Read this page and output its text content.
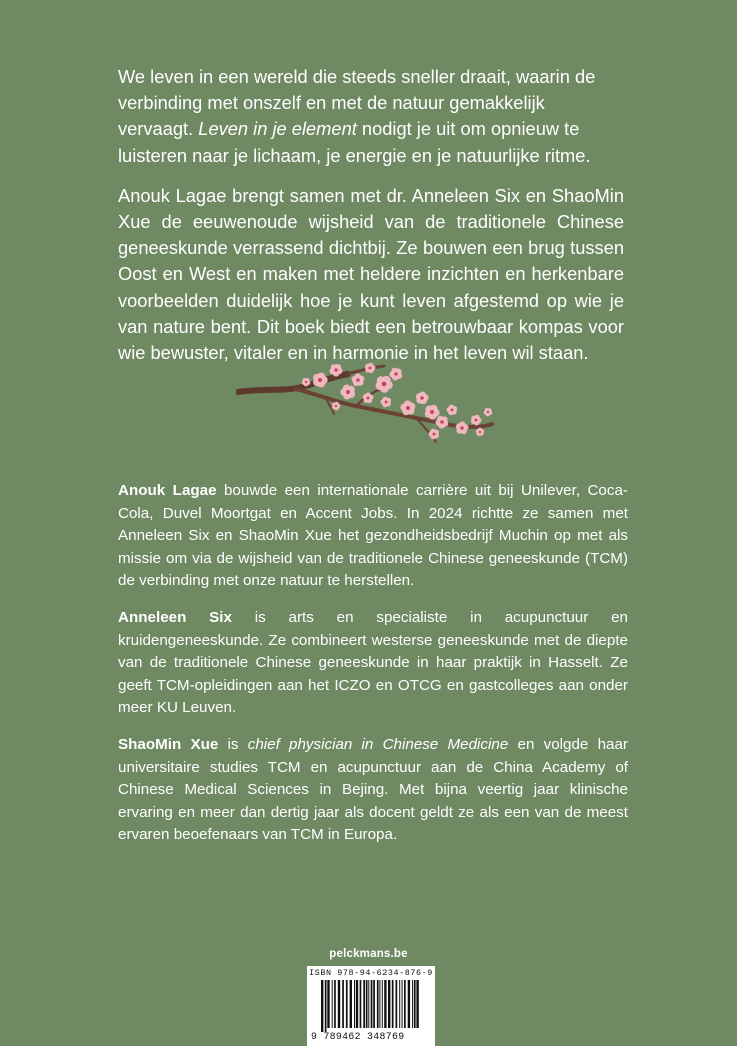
We leven in een wereld die steeds sneller draait, waarin de verbinding met onszelf en met de natuur gemakkelijk vervaagt. Leven in je element nodigt je uit om opnieuw te luisteren naar je lichaam, je energie en je natuurlijke ritme.

Anouk Lagae brengt samen met dr. Anneleen Six en ShaoMin Xue de eeuwenoude wijsheid van de traditionele Chinese geneeskunde verrassend dichtbij. Ze bouwen een brug tussen Oost en West en maken met heldere inzichten en herkenbare voorbeelden duidelijk hoe je kunt leven afgestemd op wie je van nature bent. Dit boek biedt een betrouwbaar kompas voor wie bewuster, vitaler en in harmonie in het leven wil staan.

Anouk Lagae bouwde een internationale carrière uit bij Unilever, Coca-Cola, Duvel Moortgat en Accent Jobs. In 2024 richtte ze samen met Anneleen Six en ShaoMin Xue het gezondheidsbedrijf Muchin op met als missie om via de wijsheid van de traditionele Chinese geneeskunde (TCM) de verbinding met onze natuur te herstellen.

Anneleen Six is arts en specialiste in acupunctuur en kruidengeneeskunde. Ze combineert westerse geneeskunde met de diepte van de traditionele Chinese geneeskunde in haar praktijk in Hasselt. Ze geeft TCM-opleidingen aan het ICZO en OTCG en gastcolleges aan onder meer KU Leuven.

ShaoMin Xue is chief physician in Chinese Medicine en volgde haar universitaire studies TCM en acupunctuur aan de China Academy of Chinese Medical Sciences in Bejing. Met bijna veertig jaar klinische ervaring en meer dan dertig jaar als docent geldt ze als een van de meest ervaren beoefenaars van TCM in Europa.

pelckmans.be
ISBN 978-94-6234-876-9
9 789462 348769
